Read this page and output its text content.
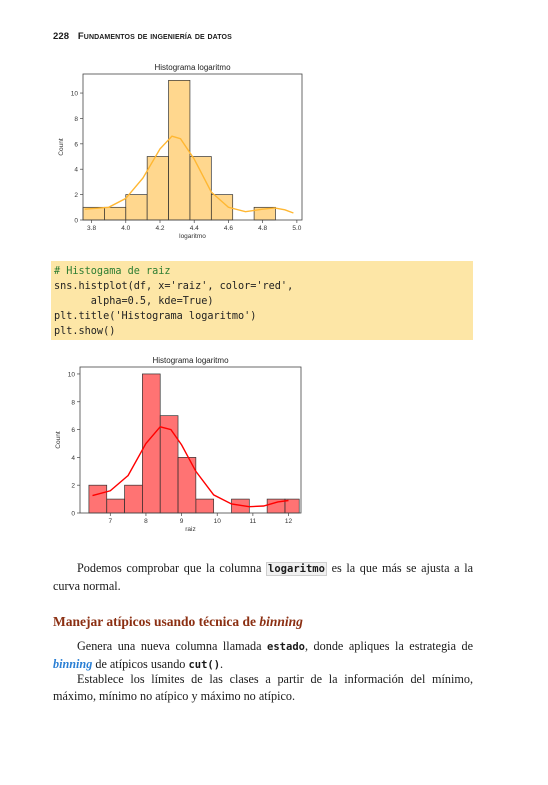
228 Fundamentos de ingeniería de datos
0
2
4
6
8
10
3.8	4.0	4.2	4.4	4.6	4.8	5.0
Histograma logaritmo
logaritmo
Count
# Histogama de raiz
sns.histplot(df, x='raiz', color='red',
alpha=0.5, kde=True)
plt.title('Histograma logaritmo')
plt.show()
0
2
4
6
8
10
7	8	9	10	11	12
Histograma logaritmo
raiz
Count
Podemos comprobar que la columna logaritmo es la que más se ajusta a la curva normal.
Manejar atípicos usando técnica de binning
Genera una nueva columna llamada estado, donde apliques la estrategia de binning de atípicos usando cut().
Establece los límites de las clases a partir de la información del mínimo, máximo, mínimo no atípico y máximo no atípico.
